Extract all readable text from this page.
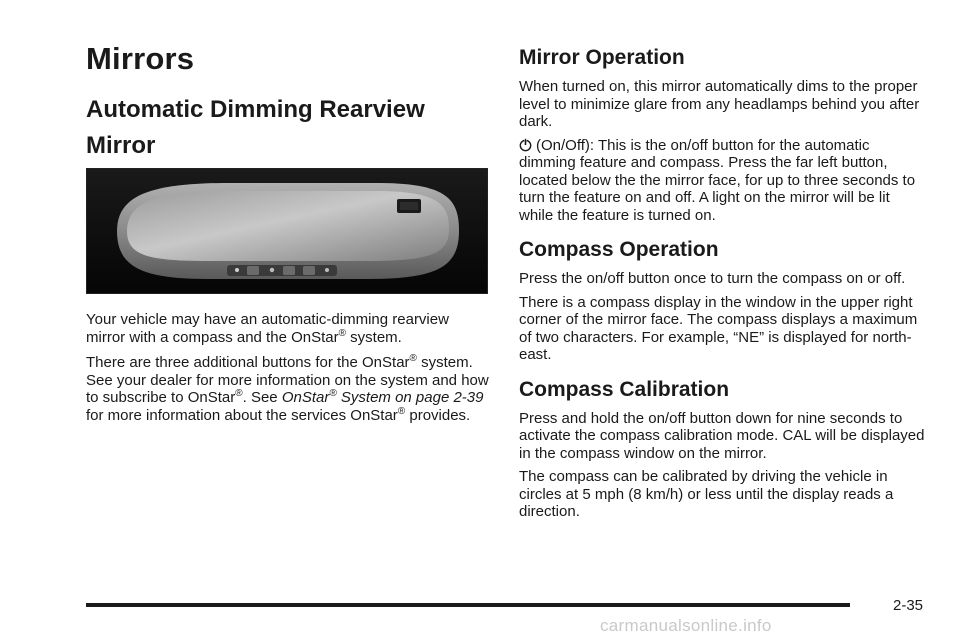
Mirrors
Automatic Dimming Rearview Mirror

Your vehicle may have an automatic-dimming rearview mirror with a compass and the OnStar® system.

There are three additional buttons for the OnStar® system. See your dealer for more information on the system and how to subscribe to OnStar®. See OnStar® System on page 2-39 for more information about the services OnStar® provides.

Mirror Operation

When turned on, this mirror automatically dims to the proper level to minimize glare from any headlamps behind you after dark.

(On/Off): This is the on/off button for the automatic dimming feature and compass. Press the far left button, located below the the mirror face, for up to three seconds to turn the feature on and off. A light on the mirror will be lit while the feature is turned on.

Compass Operation

Press the on/off button once to turn the compass on or off.

There is a compass display in the window in the upper right corner of the mirror face. The compass displays a maximum of two characters. For example, “NE” is displayed for north-east.

Compass Calibration

Press and hold the on/off button down for nine seconds to activate the compass calibration mode. CAL will be displayed in the compass window on the mirror.

The compass can be calibrated by driving the vehicle in circles at 5 mph (8 km/h) or less until the display reads a direction.

2-35
carmanualsonline.info
